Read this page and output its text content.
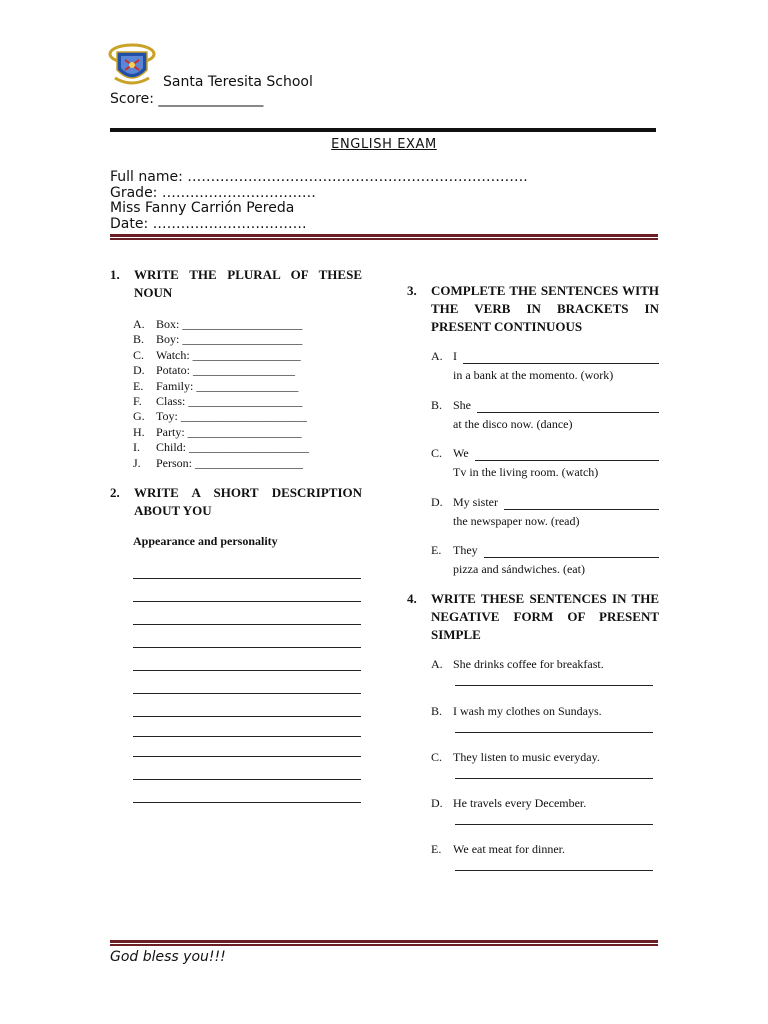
Santa Teresita School
Score: _______________
ENGLISH EXAM
Full name: ……………………………………………………………….
Grade: ……………………………
Miss Fanny Carrión Pereda
Date: ……………………………
1. WRITE THE PLURAL OF THESE NOUN
A. Box: ____________________
B. Boy: ____________________
C. Watch: __________________
D. Potato: _________________
E. Family: _________________
F. Class: ___________________
G. Toy: _____________________
H. Party: ___________________
I. Child: ____________________
J. Person: __________________
2. WRITE A SHORT DESCRIPTION ABOUT YOU
Appearance and personality
3. COMPLETE THE SENTENCES WITH THE VERB IN BRACKETS IN PRESENT CONTINUOUS
A. I
in a bank at the momento. (work)
B. She
at the disco now. (dance)
C. We
Tv in the living room. (watch)
D. My sister
the newspaper now. (read)
E. They
pizza and sándwiches. (eat)
4. WRITE THESE SENTENCES IN THE NEGATIVE FORM OF PRESENT SIMPLE
A. She drinks coffee for breakfast.
B. I wash my clothes on Sundays.
C. They listen to music everyday.
D. He travels every December.
E. We eat meat for dinner.
God bless you!!!
